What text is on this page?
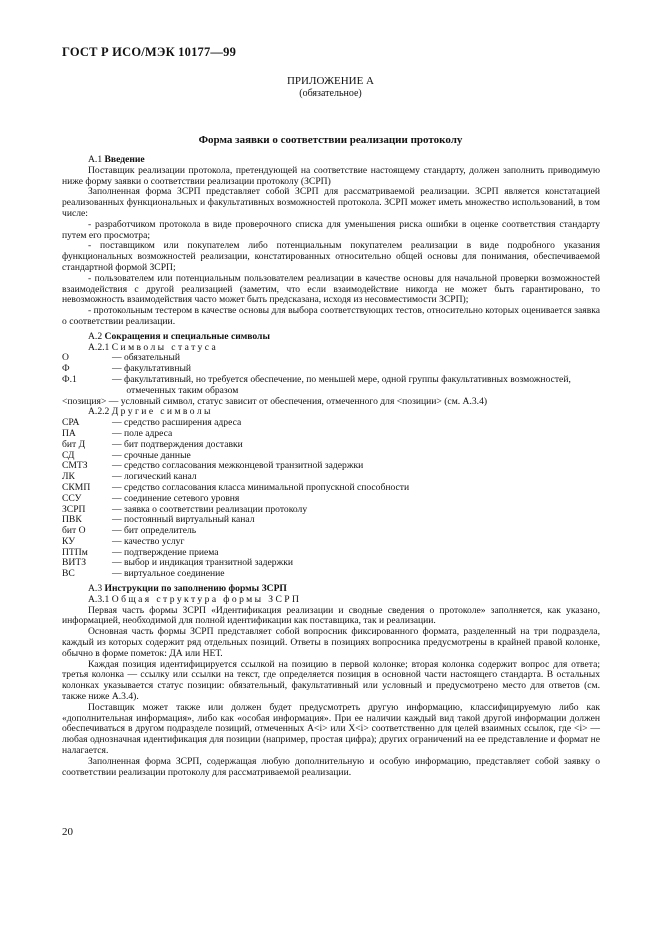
ГОСТ Р ИСО/МЭК 10177—99
ПРИЛОЖЕНИЕ А
(обязательное)
Форма заявки о соответствии реализации протоколу

А.1 Введение

Поставщик реализации протокола, претендующей на соответствие настоящему стандарту, должен заполнить приводимую ниже форму заявки о соответствии реализации протоколу (ЗСРП)

Заполненная форма ЗСРП представляет собой ЗСРП для рассматриваемой реализации. ЗСРП является констатацией реализованных функциональных и факультативных возможностей протокола. ЗСРП может иметь множество использований, в том числе:

- разработчиком протокола в виде проверочного списка для уменьшения риска ошибки в оценке соответствия стандарту путем его просмотра;

- поставщиком или покупателем либо потенциальным покупателем реализации в виде подробного указания функциональных возможностей реализации, констатированных относительно общей основы для понимания, обеспечиваемой стандартной формой ЗСРП;

- пользователем или потенциальным пользователем реализации в качестве основы для начальной проверки возможностей взаимодействия с другой реализацией (заметим, что если взаимодействие никогда не может быть гарантировано, то невозможность взаимодействия часто может быть предсказана, исходя из несовместимости ЗСРП);

- протокольным тестером в качестве основы для выбора соответствующих тестов, относительно которых оценивается заявка о соответствии реализации.

А.2 Сокращения и специальные символы

А.2.1 Символы статуса

О	— обязательный
Ф	— факультативный
Ф.1	— факультативный, но требуется обеспечение, по меньшей мере, одной группы факультативных возможностей, отмеченных таким образом

<позиция> — условный символ, статус зависит от обеспечения, отмеченного для <позиции> (см. А.3.4)

А.2.2 Другие символы

СРА	— средство расширения адреса
ПА	— поле адреса
бит Д	— бит подтверждения доставки
СД	— срочные данные
СМТЗ	— средство согласования межконцевой транзитной задержки
ЛК	— логический канал
СКМП	— средство согласования класса минимальной пропускной способности
ССУ	— соединение сетевого уровня
ЗСРП	— заявка о соответствии реализации протоколу
ПВК	— постоянный виртуальный канал
бит О	— бит определитель
КУ	— качество услуг
ПТПм	— подтверждение приема
ВИТЗ	— выбор и индикация транзитной задержки
ВС	— виртуальное соединение

А.3 Инструкции по заполнению формы ЗСРП

А.3.1 Общая структура формы ЗСРП

Первая часть формы ЗСРП «Идентификация реализации и сводные сведения о протоколе» заполняется, как указано, информацией, необходимой для полной идентификации как поставщика, так и реализации.

Основная часть формы ЗСРП представляет собой вопросник фиксированного формата, разделенный на три подраздела, каждый из которых содержит ряд отдельных позиций. Ответы в позициях вопросника предусмотрены в крайней правой колонке, обычно в форме пометок: ДА или НЕТ.

Каждая позиция идентифицируется ссылкой на позицию в первой колонке; вторая колонка содержит вопрос для ответа; третья колонка — ссылку или ссылки на текст, где определяется позиция в основной части настоящего стандарта. В остальных колонках указывается статус позиции: обязательный, факультативный или условный и предусмотрено место для ответов (см. также ниже А.3.4).

Поставщик может также или должен будет предусмотреть другую информацию, классифицируемую либо как «дополнительная информация», либо как «особая информация». При ее наличии каждый вид такой другой информации должен обеспечиваться в другом подразделе позиций, отмеченных А<i> или Х<i> соответственно для целей взаимных ссылок, где <i> — любая однозначная идентификация для позиции (например, простая цифра); других ограничений на ее представление и формат не налагается.

Заполненная форма ЗСРП, содержащая любую дополнительную и особую информацию, представляет собой заявку о соответствии реализации протоколу для рассматриваемой реализации.

20
